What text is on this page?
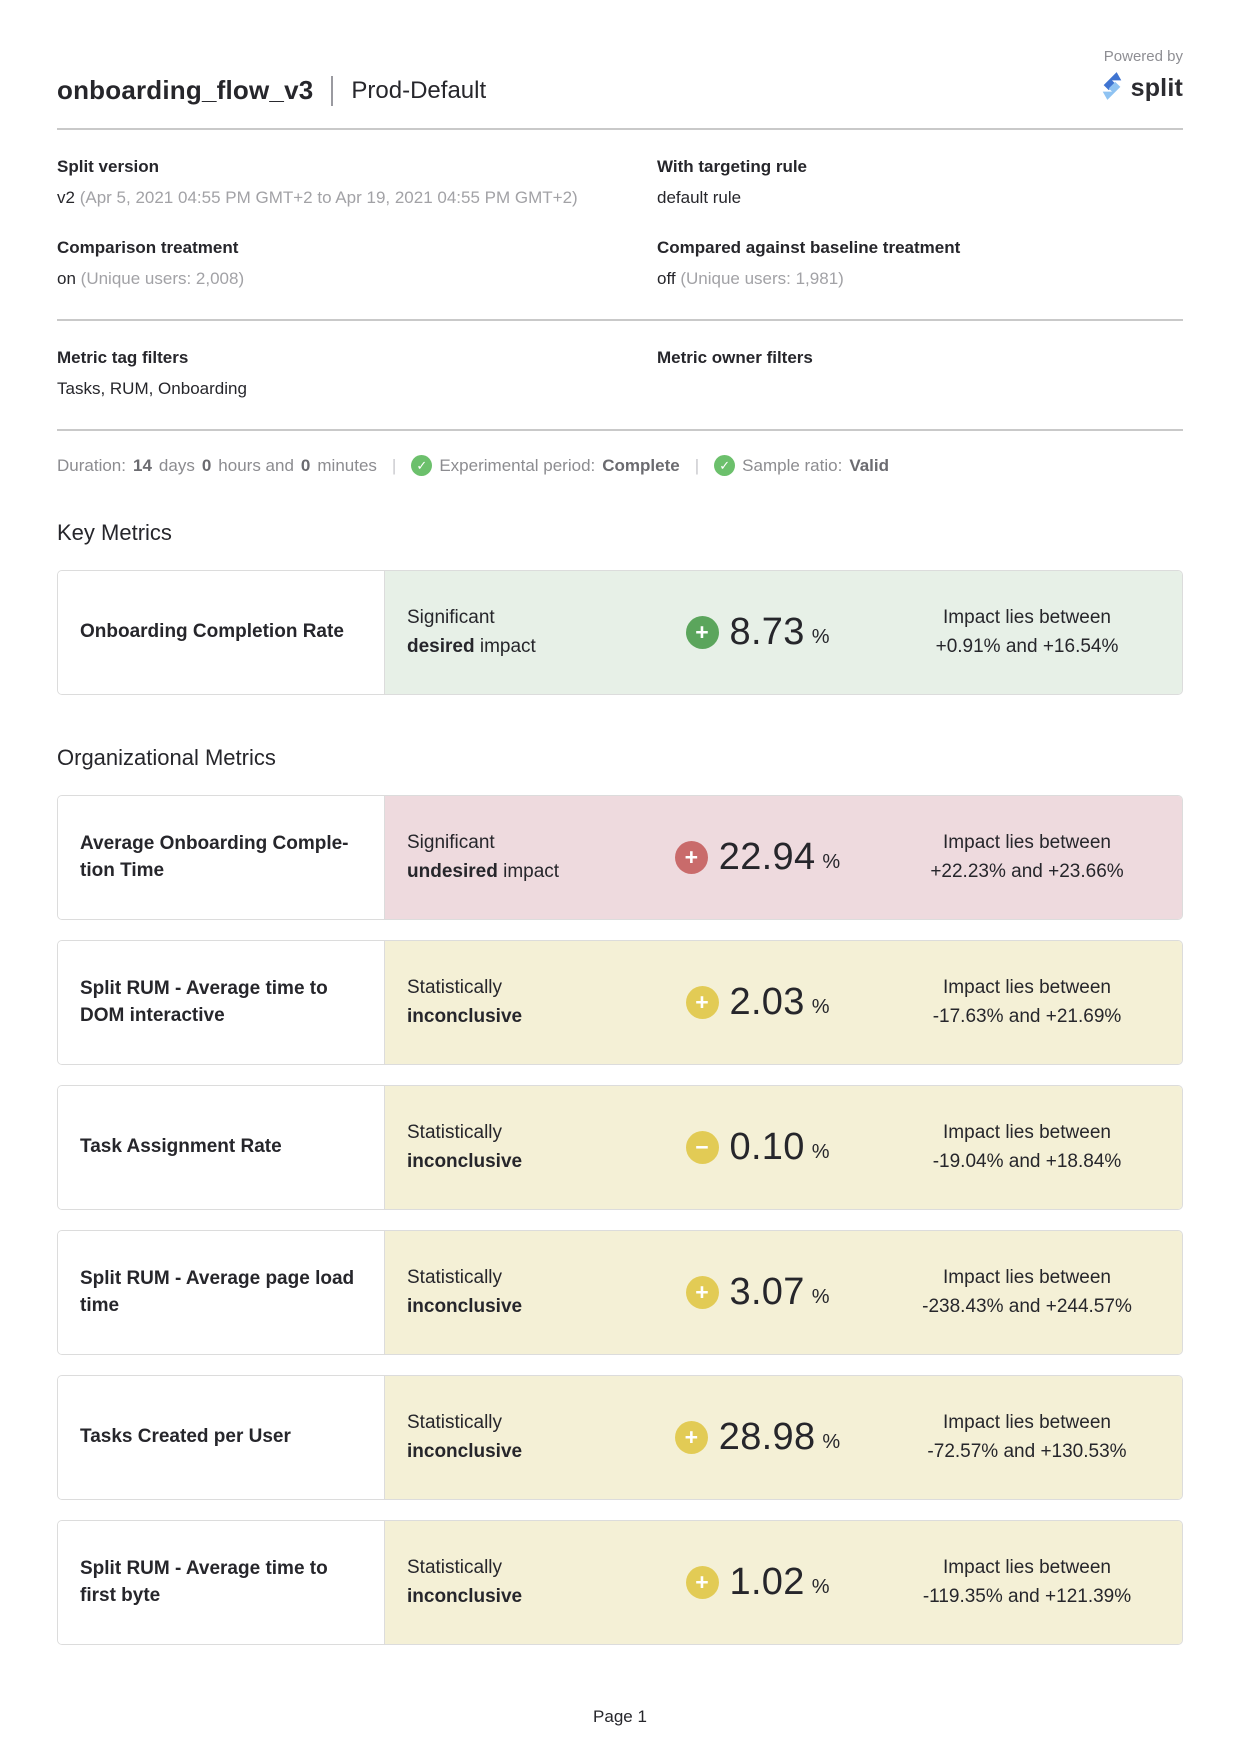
onboarding_flow_v3 Prod-Default
Powered by
split
Split version
v2 (Apr 5, 2021 04:55 PM GMT+2 to Apr 19, 2021 04:55 PM GMT+2)
With targeting rule
default rule
Comparison treatment
on (Unique users: 2,008)
Compared against baseline treatment
off (Unique users: 1,981)
Metric tag filters
Tasks, RUM, Onboarding
Metric owner filters
Duration: 14 days 0 hours and 0 minutes |	✓ Experimental period: Complete |	✓ Sample ratio: Valid
Key Metrics
Onboarding Completion Rate
Significant
desired impact
+ 8.73 %
Impact lies between
+0.91% and +16.54%
Organizational Metrics
Average Onboarding Completion Time
Significant
undesired impact
+ 22.94 %
Impact lies between
+22.23% and +23.66%
Split RUM - Average time to DOM interactive
Statistically
inconclusive
+ 2.03 %
Impact lies between
-17.63% and +21.69%
Task Assignment Rate
Statistically
inconclusive
− 0.10 %
Impact lies between
-19.04% and +18.84%
Split RUM - Average page load time
Statistically
inconclusive
+ 3.07 %
Impact lies between
-238.43% and +244.57%
Tasks Created per User
Statistically
inconclusive
+ 28.98 %
Impact lies between
-72.57% and +130.53%
Split RUM - Average time to first byte
Statistically
inconclusive
+ 1.02 %
Impact lies between
-119.35% and +121.39%
Page 1
